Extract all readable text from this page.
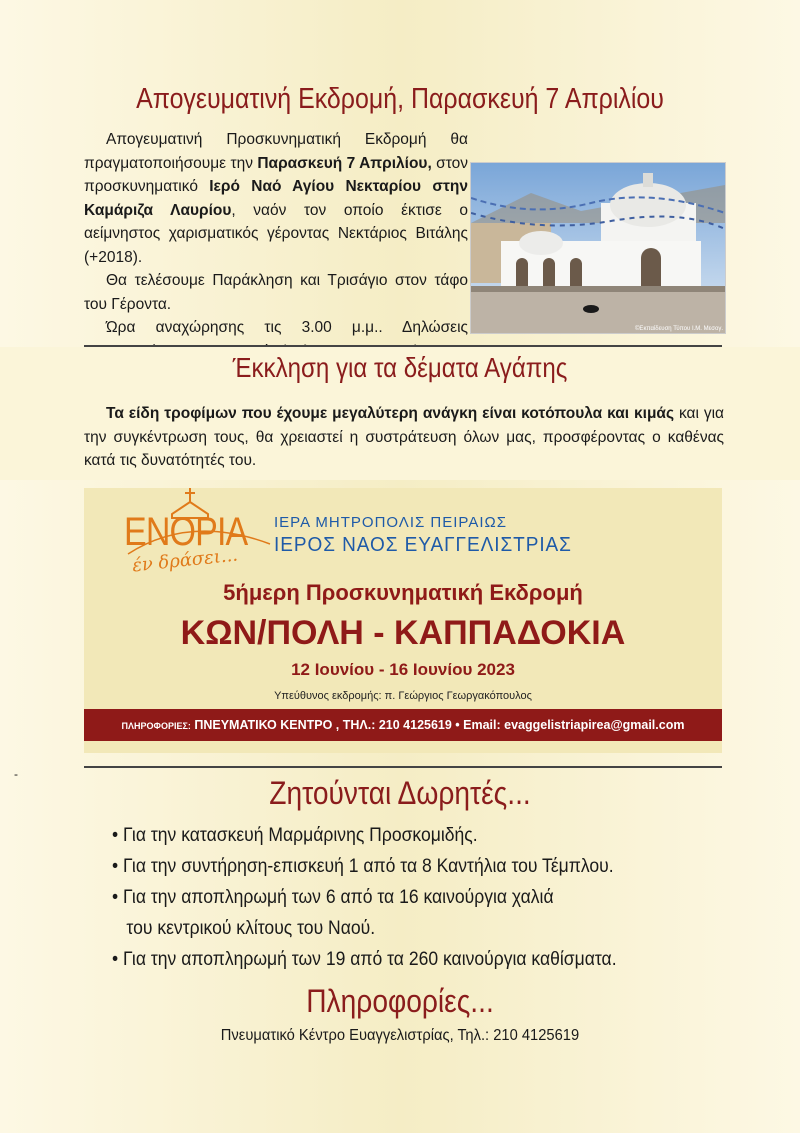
Απογευματινή Εκδρομή, Παρασκευή 7 Απριλίου
©Εκπαίδευση Τύπου Ι.Μ. Μεσογ.

Απογευματινή Προσκυνηματική Εκδρομή θα πραγματοποιήσουμε την Παρασκευή 7 Απριλίου, στον προσκυνηματικό Ιερό Ναό Αγίου Νεκταρίου στην Καμάριζα Λαυρίου, ναόν τον οποίο έκτισε ο αείμνηστος χαρισματικός γέροντας Νεκτάριος Βιτάλης (+2018).

Θα τελέσουμε Παράκληση και Τρισάγιο στον τάφο του Γέροντα.

Ώρα αναχώρησης τις 3.00 μ.μ.. Δηλώσεις

Έκκληση για τα δέματα Αγάπης

Τα είδη τροφίμων που έχουμε μεγαλύτερη ανάγκη είναι κοτόπουλα και κιμάς και για την συγκέντρωση τους, θα χρειαστεί η συστράτευση όλων μας, προσφέροντας ο καθένας κατά τις δυνατότητές του.

ΕΝΟΡΙΑ
έν δράσει...
ΙΕΡΑ ΜΗΤΡΟΠΟΛΙΣ ΠΕΙΡΑΙΩΣ
ΙΕΡΟΣ ΝΑΟΣ ΕΥΑΓΓΕΛΙΣΤΡΙΑΣ
5ήμερη Προσκυνηματική Εκδρομή
ΚΩΝ/ΠΟΛΗ - ΚΑΠΠΑΔΟΚΙΑ
12 Ιουνίου - 16 Ιουνίου 2023
Υπεύθυνος εκδρομής: π. Γεώργιος Γεωργακόπουλος
ΠΛΗΡΟΦΟΡΙΕΣ: ΠΝΕΥΜΑΤΙΚΟ ΚΕΝΤΡΟ , ΤΗΛ.: 210 4125619 • Email: evaggelistriapirea@gmail.com
-
Ζητούνται Δωρητές...
• Για την κατασκευή Μαρμάρινης Προσκομιδής.
• Για την συντήρηση-επισκευή 1 από τα 8 Καντήλια του Τέμπλου.
• Για την αποπληρωμή των 6 από τα 16 καινούργια χαλιά
του κεντρικού κλίτους του Ναού.
• Για την αποπληρωμή των 19 από τα 260 καινούργια καθίσματα.
Πληροφορίες...
Πνευματικό Κέντρο Ευαγγελιστρίας, Τηλ.: 210 4125619
